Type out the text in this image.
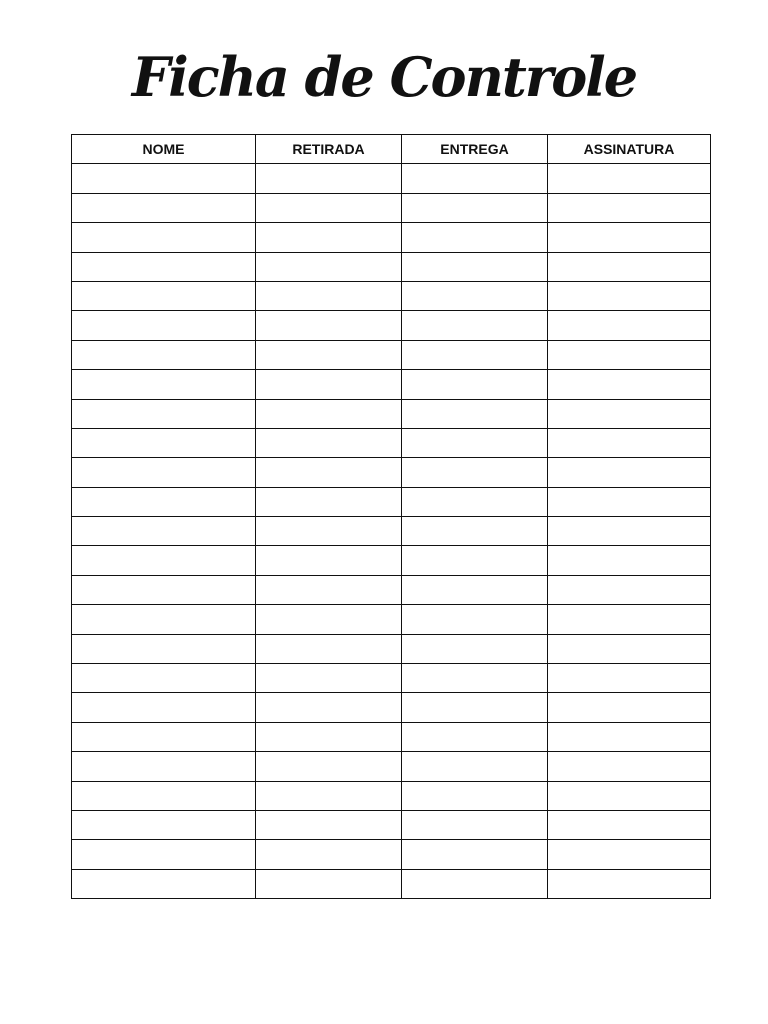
Ficha de Controle
NOME	RETIRADA	ENTREGA	ASSINATURA
